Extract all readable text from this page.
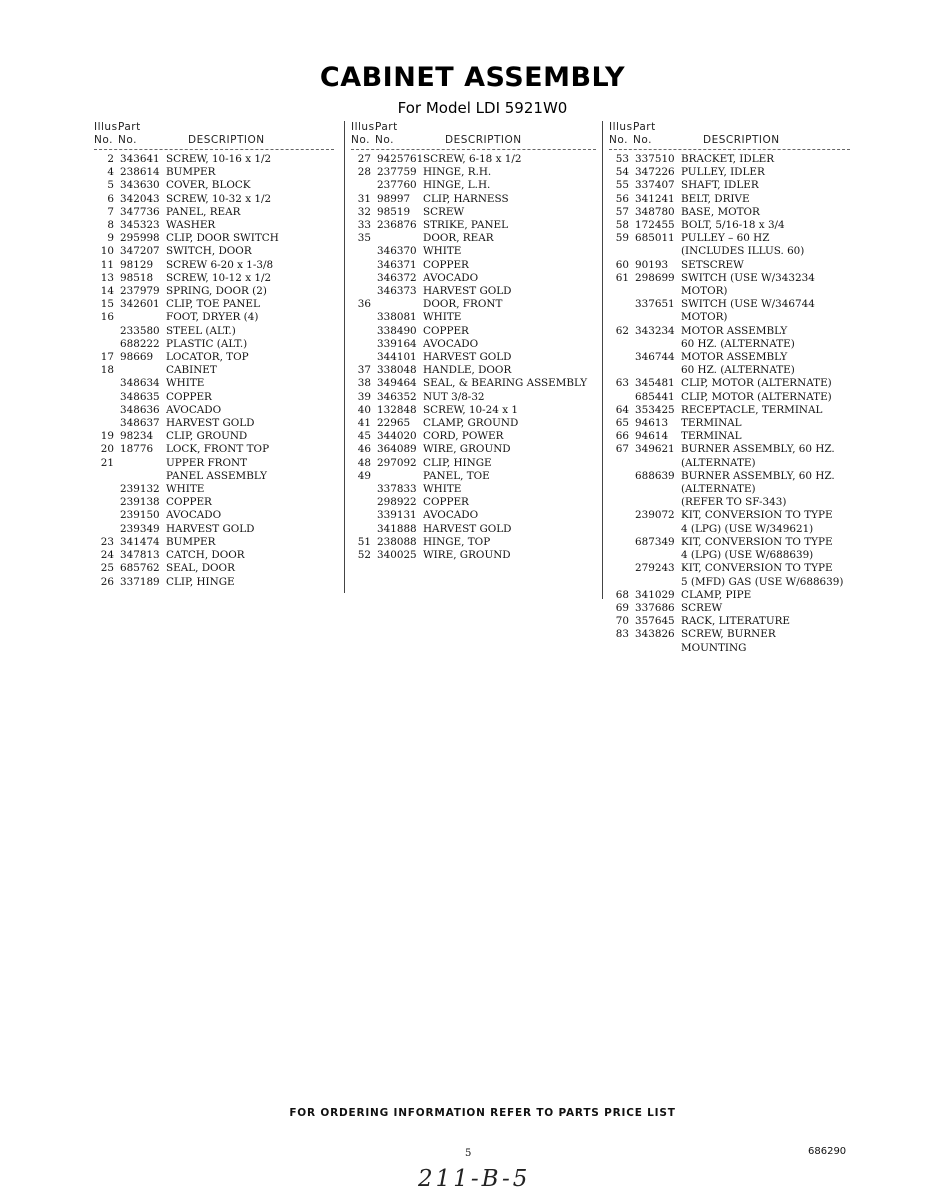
CABINET ASSEMBLY
For Model LDI 5921W0
Illus.Part
No. No.	DESCRIPTION
2 343641 SCREW, 10-16 x 1/2
4 238614 BUMPER
5 343630 COVER, BLOCK
6 342043 SCREW, 10-32 x 1/2
7 347736 PANEL, REAR
8 345323 WASHER
9 295998 CLIP, DOOR SWITCH
10 347207 SWITCH, DOOR
11 98129	SCREW 6-20 x 1-3/8
13 98518	SCREW, 10-12 x 1/2
14 237979 SPRING, DOOR (2)
15 342601 CLIP, TOE PANEL
16	FOOT, DRYER (4)
233580 STEEL (ALT.)
688222 PLASTIC (ALT.)
17 98669	LOCATOR, TOP
18	CABINET
348634 WHITE
348635 COPPER
348636 AVOCADO
348637 HARVEST GOLD
19 98234	CLIP, GROUND
20 18776	LOCK, FRONT TOP
21	UPPER FRONT
PANEL ASSEMBLY
239132 WHITE
239138 COPPER
239150 AVOCADO
239349 HARVEST GOLD
23 341474 BUMPER
24 347813 CATCH, DOOR
25 685762 SEAL, DOOR
26 337189 CLIP, HINGE
Illus.Part
No. No.	DESCRIPTION
27 9425761 SCREW, 6-18 x 1/2
28 237759 HINGE, R.H.
237760 HINGE, L.H.
31 98997	CLIP, HARNESS
32 98519	SCREW
33 236876 STRIKE, PANEL
35	DOOR, REAR
346370 WHITE
346371 COPPER
346372 AVOCADO
346373 HARVEST GOLD
36	DOOR, FRONT
338081 WHITE
338490 COPPER
339164 AVOCADO
344101 HARVEST GOLD
37 338048 HANDLE, DOOR
38 349464 SEAL, & BEARING ASSEMBLY
39 346352 NUT 3/8-32
40 132848 SCREW, 10-24 x 1
41 22965	CLAMP, GROUND
45 344020 CORD, POWER
46 364089 WIRE, GROUND
48 297092 CLIP, HINGE
49	PANEL, TOE
337833 WHITE
298922 COPPER
339131 AVOCADO
341888 HARVEST GOLD
51 238088 HINGE, TOP
52 340025 WIRE, GROUND
Illus.Part
No. No.	DESCRIPTION
53 337510 BRACKET, IDLER
54 347226 PULLEY, IDLER
55 337407 SHAFT, IDLER
56 341241 BELT, DRIVE
57 348780 BASE, MOTOR
58 172455 BOLT, 5/16-18 x 3/4
59 685011 PULLEY – 60 HZ
(INCLUDES ILLUS. 60)
60 90193	SETSCREW
61 298699 SWITCH (USE W/343234
MOTOR)
337651 SWITCH (USE W/346744
MOTOR)
62 343234 MOTOR ASSEMBLY
60 HZ. (ALTERNATE)
346744 MOTOR ASSEMBLY
60 HZ. (ALTERNATE)
63 345481 CLIP, MOTOR (ALTERNATE)
685441 CLIP, MOTOR (ALTERNATE)
64 353425 RECEPTACLE, TERMINAL
65 94613	TERMINAL
66 94614	TERMINAL
67 349621 BURNER ASSEMBLY, 60 HZ.
(ALTERNATE)
688639 BURNER ASSEMBLY, 60 HZ.
(ALTERNATE)
(REFER TO SF-343)
239072 KIT, CONVERSION TO TYPE
4 (LPG) (USE W/349621)
687349 KIT, CONVERSION TO TYPE
4 (LPG) (USE W/688639)
279243 KIT, CONVERSION TO TYPE
5 (MFD) GAS (USE W/688639)
68 341029 CLAMP, PIPE
69 337686 SCREW
70 357645 RACK, LITERATURE
83 343826 SCREW, BURNER
MOUNTING
FOR ORDERING INFORMATION REFER TO PARTS PRICE LIST
5	686290
211-B-5
